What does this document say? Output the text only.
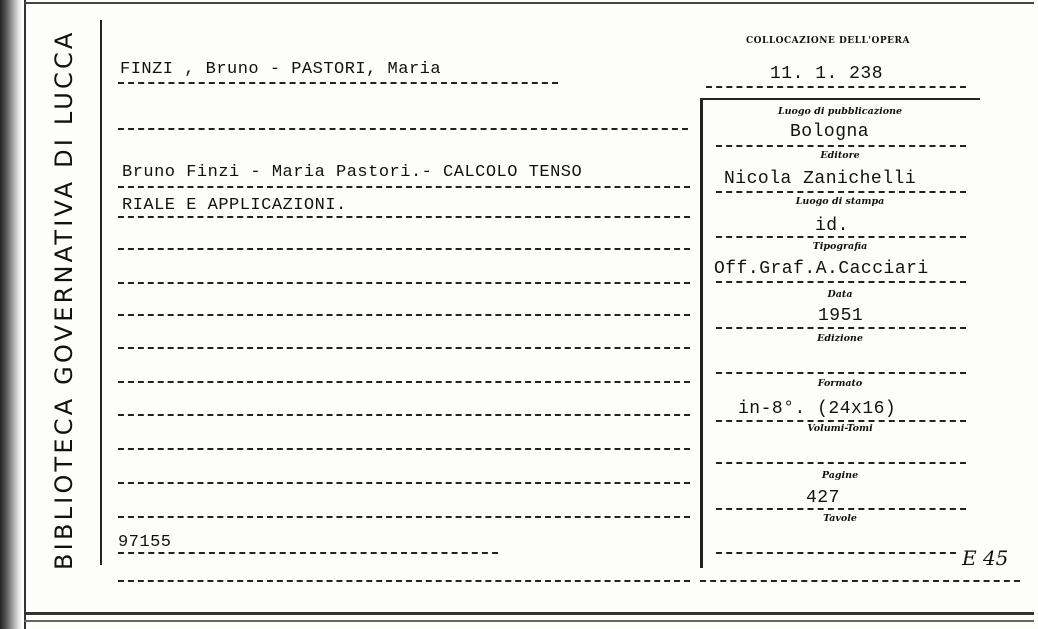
BIBLIOTECA GOVERNATIVA DI LUCCA FINZI , Bruno - PASTORI, Maria
Bruno Finzi - Maria Pastori.- CALCOLO TENSO
RIALE E APPLICAZIONI.
97155
COLLOCAZIONE DELL'OPERA
11. 1. 238
Luogo di pubblicazione
Bologna
Editore
Nicola Zanichelli
Luogo di stampa
id.
Tipografia
Off.Graf.A.Cacciari
Data
1951
Edizione
Formato
in-8°. (24x16)
Volumi-Tomi
Pagine
427
Tavole
E 45
